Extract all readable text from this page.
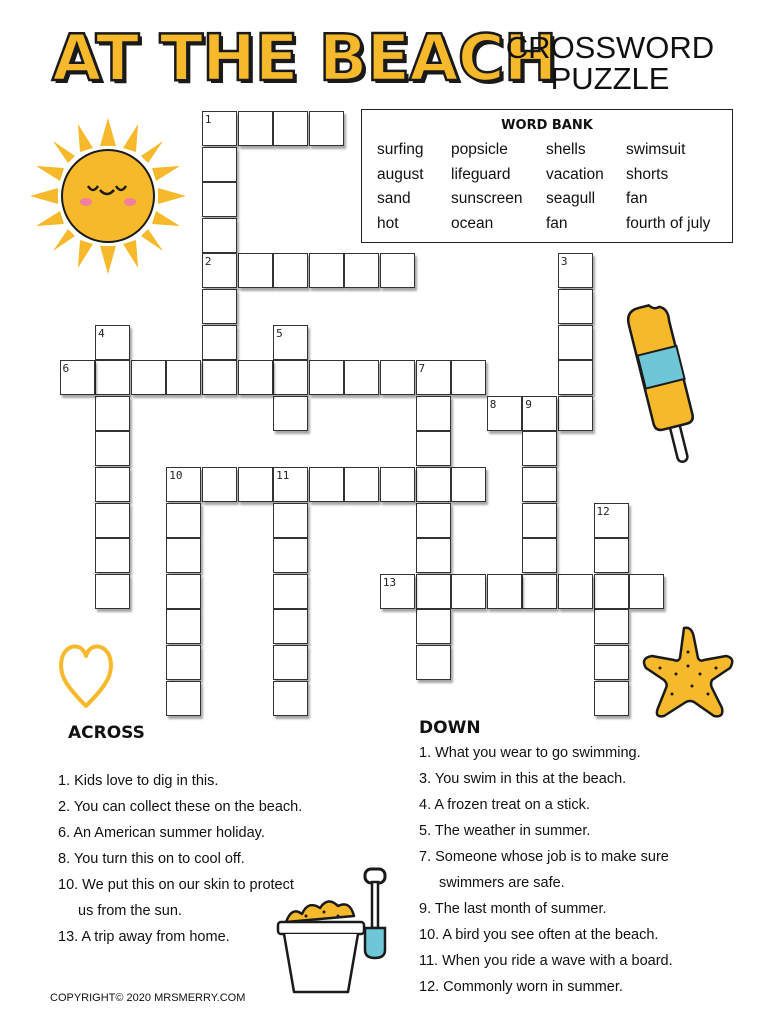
AT THE BEACH
CROSSWORD
PUZZLE
WORD BANK
surfing
august
sand
hot
popsicle
lifeguard
sunscreen
ocean
shells
vacation
seagull
fan
swimsuit
shorts
fan
fourth of july
1
2	3
4	5
6	7
8	9
10	11
12
13
ACROSS	DOWN
1. Kids love to dig in this.
2. You can collect these on the beach.
6. An American summer holiday.
8. You turn this on to cool off.
10. We put this on our skin to protect
us from the sun.
13. A trip away from home.
1. What you wear to go swimming.
3. You swim in this at the beach.
4. A frozen treat on a stick.
5. The weather in summer.
7. Someone whose job is to make sure
swimmers are safe.
9. The last month of summer.
10. A bird you see often at the beach.
11. When you ride a wave with a board.
12. Commonly worn in summer.
COPYRIGHT© 2020 MRSMERRY.COM
